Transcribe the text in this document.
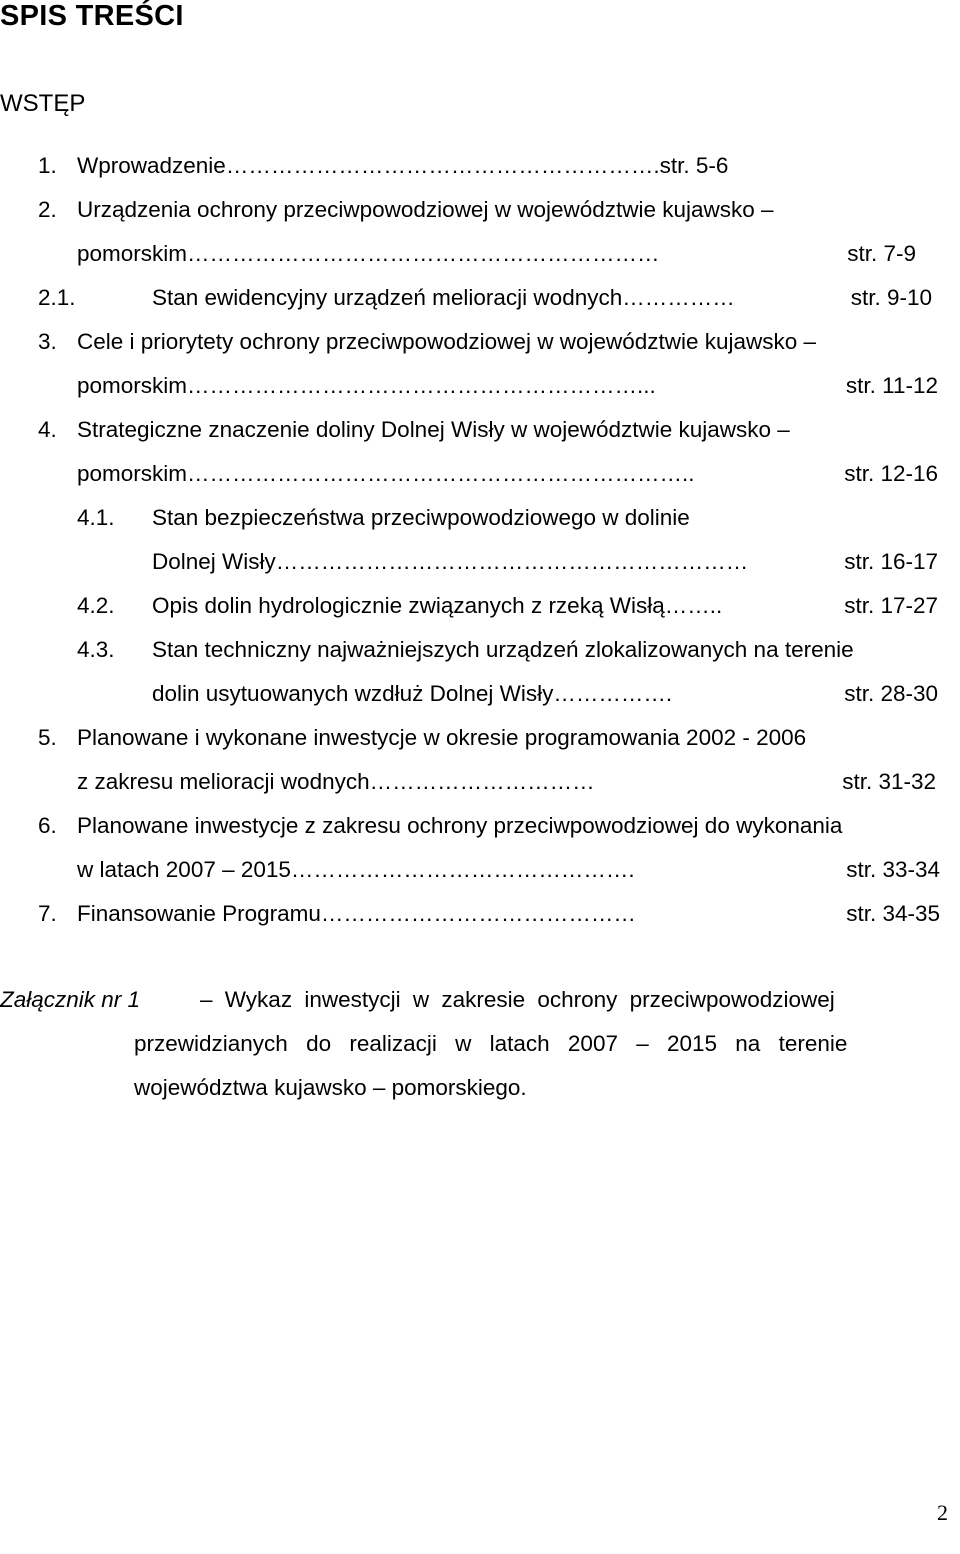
SPIS TREŚCI
WSTĘP
1. Wprowadzenie………………………………………………….str. 5-6
2. Urządzenia ochrony przeciwpowodziowej w województwie kujawsko –
pomorskim………………………………………………………	str. 7-9
2.1.	Stan ewidencyjny urządzeń melioracji wodnych……………	str. 9-10
3. Cele i priorytety ochrony przeciwpowodziowej w województwie kujawsko –
pomorskim……………………………………………………...	str. 11-12
4. Strategiczne znaczenie doliny Dolnej Wisły w województwie kujawsko –
pomorskim…………………………………………………………..	str. 12-16
4.1. Stan bezpieczeństwa przeciwpowodziowego w dolinie
Dolnej Wisły………………………………………………………	str. 16-17
4.2. Opis dolin hydrologicznie związanych z rzeką Wisłą……..	str. 17-27
4.3. Stan techniczny najważniejszych urządzeń zlokalizowanych na terenie
dolin usytuowanych wzdłuż Dolnej Wisły…………….	str. 28-30
5. Planowane i wykonane inwestycje w okresie programowania 2002 - 2006
z zakresu melioracji wodnych…………………………	str. 31-32
6. Planowane inwestycje z zakresu ochrony przeciwpowodziowej do wykonania
w latach 2007 – 2015……………………………………….	str. 33-34
7. Finansowanie Programu……………………………………	str. 34-35
Załącznik nr 1	– Wykaz inwestycji w zakresie ochrony przeciwpowodziowej
przewidzianych do realizacji w latach 2007 – 2015 na terenie
województwa kujawsko – pomorskiego.
2
